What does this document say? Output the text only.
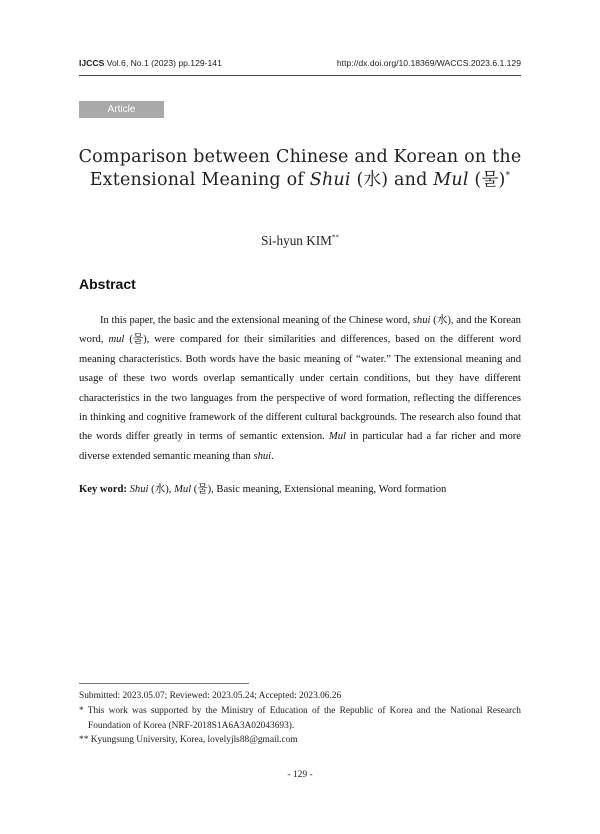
IJCCS Vol.6, No.1 (2023) pp.129-141	http://dx.doi.org/10.18369/WACCS.2023.6.1.129
Article
Comparison between Chinese and Korean on the
Extensional Meaning of Shui (水) and Mul (물)*
Si-hyun KIM**
Abstract

In this paper, the basic and the extensional meaning of the Chinese word, shui (水), and the Korean word, mul (물), were compared for their similarities and differences, based on the different word meaning characteristics. Both words have the basic meaning of “water.” The extensional meaning and usage of these two words overlap semantically under certain conditions, but they have different characteristics in the two languages from the perspective of word formation, reflecting the differences in thinking and cognitive framework of the different cultural backgrounds. The research also found that the words differ greatly in terms of semantic extension. Mul in particular had a far richer and more diverse extended semantic meaning than shui.

Key word: Shui (水), Mul (물), Basic meaning, Extensional meaning, Word formation
Submitted: 2023.05.07; Reviewed: 2023.05.24; Accepted: 2023.06.26
* This work was supported by the Ministry of Education of the Republic of Korea and the National Research Foundation of Korea (NRF-2018S1A6A3A02043693).
** Kyungsung University, Korea, lovelyjls88@gmail.com
- 129 -
